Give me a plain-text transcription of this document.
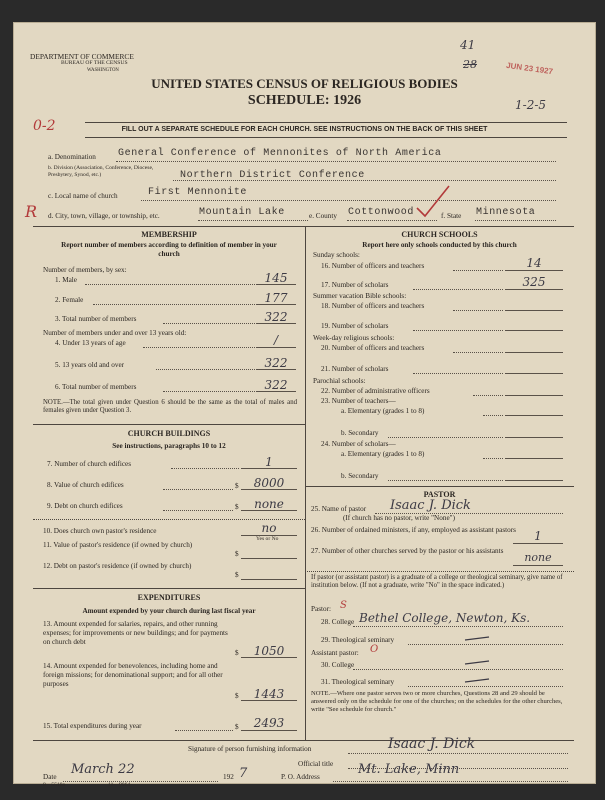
DEPARTMENT OF COMMERCE
BUREAU OF THE CENSUS
WASHINGTON
UNITED STATES CENSUS OF RELIGIOUS BODIES
SCHEDULE: 1926
41
28	JUN 23 1927
0-2
1-2-5
FILL OUT A SEPARATE SCHEDULE FOR EACH CHURCH. SEE INSTRUCTIONS ON THE BACK OF THIS SHEET
a. Denomination General Conference of Mennonites of North America
b. Division (Association, Conference, Diocese, Presbytery, Synod, etc.)	Northern District Conference
c. Local name of church	First Mennonite
R d. City, town, village, or township, etc.	Mountain Lake	e. County Cottonwood	f. State Minnesota
MEMBERSHIP
Report number of members according to definition of member in your church
Number of members, by sex:
1. Male	145
2. Female	177
3. Total number of members	322
Number of members under and over 13 years old:
4. Under 13 years of age	/
5. 13 years old and over	322
6. Total number of members	322
NOTE.—The total given under Question 6 should be the same as the total of males and females given under Question 3.
CHURCH BUILDINGS
See instructions, paragraphs 10 to 12
7. Number of church edifices	1
8. Value of church edifices	$	8000
9. Debt on church edifices	$	none
10. Does church own pastor's residence	no
Yes or No
11. Value of pastor's residence (if owned by church)
$
12. Debt on pastor's residence (if owned by church)
$
EXPENDITURES
Amount expended by your church during last fiscal year
13. Amount expended for salaries, repairs, and other running expenses; for improvements or new buildings; and for payments on church debt
$	1050
14. Amount expended for benevolences, including home and foreign missions; for denominational support; and for all other purposes
$	1443
15. Total expenditures during year	$	2493
CHURCH SCHOOLS
Report here only schools conducted by this church
Sunday schools:
16. Number of officers and teachers	14
17. Number of scholars	325
Summer vacation Bible schools:
18. Number of officers and teachers
19. Number of scholars
Week-day religious schools:
20. Number of officers and teachers
21. Number of scholars
Parochial schools:
22. Number of administrative officers
23. Number of teachers—
a. Elementary (grades 1 to 8)
b. Secondary
24. Number of scholars—
a. Elementary (grades 1 to 8)
b. Secondary
PASTOR
25. Name of pastor Isaac J. Dick
(If church has no pastor, write "None")
26. Number of ordained ministers, if any, employed as assistant pastors	1
27. Number of other churches served by the pastor or his assistants	none
If pastor (or assistant pastor) is a graduate of a college or theological seminary, give name of institution below. (If not a graduate, write "No" in the space indicated.)
Pastor: S
28. College Bethel College, Newton, Ks.
29. Theological seminary
Assistant pastor: O
30. College
31. Theological seminary
NOTE.—Where one pastor serves two or more churches, Questions 28 and 29 should be answered only on the schedule for one of the churches; on the schedules for the other churches, write "See schedule for church."
Signature of person furnishing information	Isaac J. Dick
Official title
Date March 22	192 7	P. O. Address	Mt. Lake, Minn
8—5518a	11—9064
